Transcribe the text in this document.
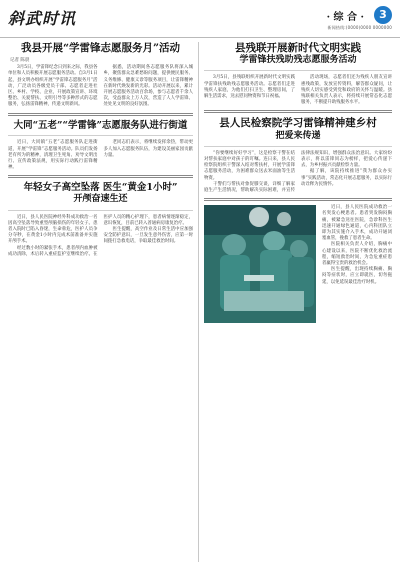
斜武时讯	· 综 合 ·	3
新闻热线:(0000)0000 0000000
我县开展“学雷锋志愿服务月”活动
记者 陈晨

3月5日，学雷锋纪念日到来之际，我县各单位和人员积极开展志愿服务活动。自3月1日起，县文明办组织开展“学雷锋志愿服务月”活动，广泛动员各级党员干部、志愿者走进社区、乡村、学校、企业，开展政策宣讲、环境整治、关爱帮扶、文明引导等多种形式的志愿服务，弘扬雷锋精神，传递文明新风。

据悉，活动期间各志愿服务队将深入城乡，聚焦群众急难愁盼问题，提供便民服务、义务维修、健康义诊等服务项目，让雷锋精神在新时代焕发新的光彩。活动开展以来，累计开展志愿服务活动百余场，参与志愿者千余人次，受益群众上万人次，营造了人人学雷锋、处处见文明的良好氛围。

大同“五老”“学雷锋”志愿服务队进行街道

近日，大同镇“五老”志愿服务队走进街道，开展“学雷锋”志愿服务活动。队员们发扬老有所为的精神，清理卫生死角、劝导文明出行、宣传政策法规，用实际行动践行雷锋精神。

老同志们表示，将继续发挥余热，带动更多人加入志愿服务队伍，为建设美丽家园贡献力量。

年轻女子高空坠落 医生“黄金1小时”
开颅奋速生还

近日，县人民医院神经外科成功救治一名因高空坠落导致重型颅脑损伤的年轻女子。患者入院时已陷入昏迷，生命垂危，医护人员争分夺秒，在黄金1小时内完成术前准备并实施开颅手术。

经过数小时的紧张手术，患者颅内血肿被成功清除，术后转入重症监护室继续治疗。在医护人员的精心护理下，患者病情逐渐稳定，意识恢复，目前已转入普通病房康复治疗。

医生提醒，高空作业及日常生活中应加强安全防护意识，一旦发生意外伤害，应第一时间拨打急救电话，争取最佳救治时间。

县残联开展新时代文明实践
学雷锋扶残助残志愿服务活动

3月5日，县残联组织开展新时代文明实践学雷锋扶残助残志愿服务活动。志愿者们走进残疾人家庭，为他们打扫卫生、整理房间，了解生活需求，送去慰问物资和节日祝福。

活动现场，志愿者们还为残疾人朋友宣讲惠残政策，发放宣传资料，解答群众疑问，让残疾人切实感受到党和政府的关怀与温暖。县残联相关负责人表示，将持续开展常态化志愿服务，不断提升助残服务水平。

县人民检察院学习雷锋精神建乡村
把爱来传递

“你要继续好好学习”，这是检察干警在结对帮扶家庭中对孩子的叮嘱。连日来，县人民检察院组织干警深入结对帮扶村，开展学雷锋志愿服务活动，为困难群众送去米面油等生活物资。

干警们与帮扶对象促膝交谈，详细了解家庭生产生活情况，帮助解决实际困难，并宣传法律法规知识，增强群众法治意识。大家纷纷表示，将以雷锋同志为榜样，把爱心传递下去，为乡村振兴贡献检察力量。

据了解，该院持续推进“我为群众办实事”实践活动，常态化开展志愿服务，以实际行动诠释为民情怀。

近日，县人民医院成功救治一名突发心梗患者。患者突发胸闷胸痛，被紧急送往医院，急诊科医生迅速开通绿色通道，心内科团队立即为其实施介入手术，成功开通闭塞血管，挽救了患者生命。

医院相关负责人介绍，胸痛中心建设以来，医院不断优化救治流程，缩短救治时间，为急危重症患者赢得宝贵的救治机会。

医生提醒，出现持续胸痛、胸闷等症状时，应立即就医，切勿拖延，以免延误最佳治疗时机。
